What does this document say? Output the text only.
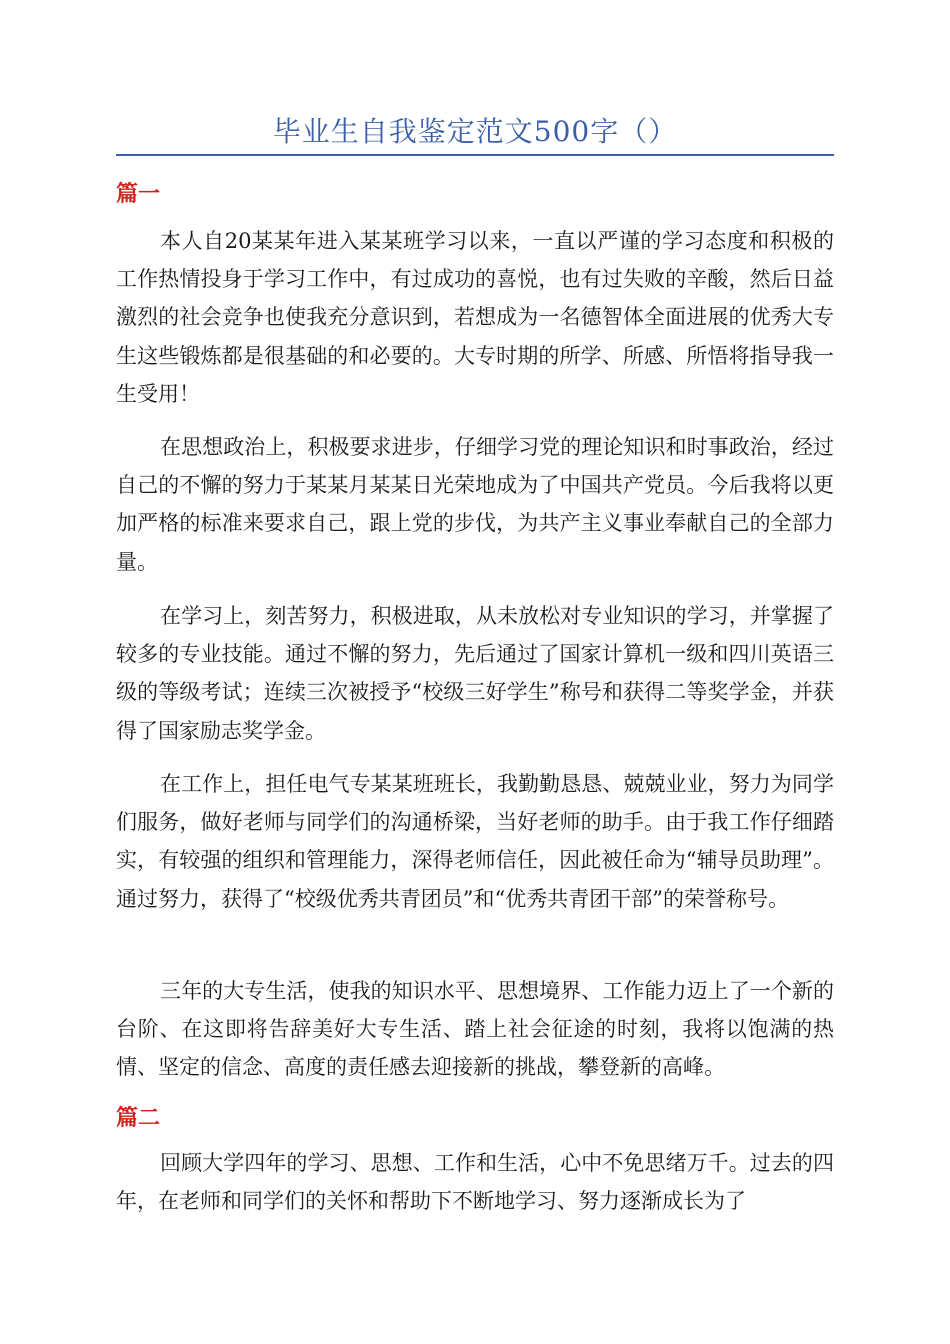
毕业生自我鉴定范文500字（）
篇一

本人自20某某年进入某某班学习以来，一直以严谨的学习态度和积极的工作热情投身于学习工作中，有过成功的喜悦，也有过失败的辛酸，然后日益激烈的社会竞争也使我充分意识到，若想成为一名德智体全面进展的优秀大专生这些锻炼都是很基础的和必要的。大专时期的所学、所感、所悟将指导我一生受用！

在思想政治上，积极要求进步，仔细学习党的理论知识和时事政治，经过自己的不懈的努力于某某月某某日光荣地成为了中国共产党员。今后我将以更加严格的标准来要求自己，跟上党的步伐，为共产主义事业奉献自己的全部力量。

在学习上，刻苦努力，积极进取，从未放松对专业知识的学习，并掌握了较多的专业技能。通过不懈的努力，先后通过了国家计算机一级和四川英语三级的等级考试；连续三次被授予“校级三好学生”称号和获得二等奖学金，并获得了国家励志奖学金。

在工作上，担任电气专某某班班长，我勤勤恳恳、兢兢业业，努力为同学们服务，做好老师与同学们的沟通桥梁，当好老师的助手。由于我工作仔细踏实，有较强的组织和管理能力，深得老师信任，因此被任命为“辅导员助理”。通过努力，获得了“校级优秀共青团员”和“优秀共青团干部”的荣誉称号。

三年的大专生活，使我的知识水平、思想境界、工作能力迈上了一个新的台阶、在这即将告辞美好大专生活、踏上社会征途的时刻，我将以饱满的热情、坚定的信念、高度的责任感去迎接新的挑战，攀登新的高峰。

篇二

回顾大学四年的学习、思想、工作和生活，心中不免思绪万千。过去的四年，在老师和同学们的关怀和帮助下不断地学习、努力逐渐成长为了
